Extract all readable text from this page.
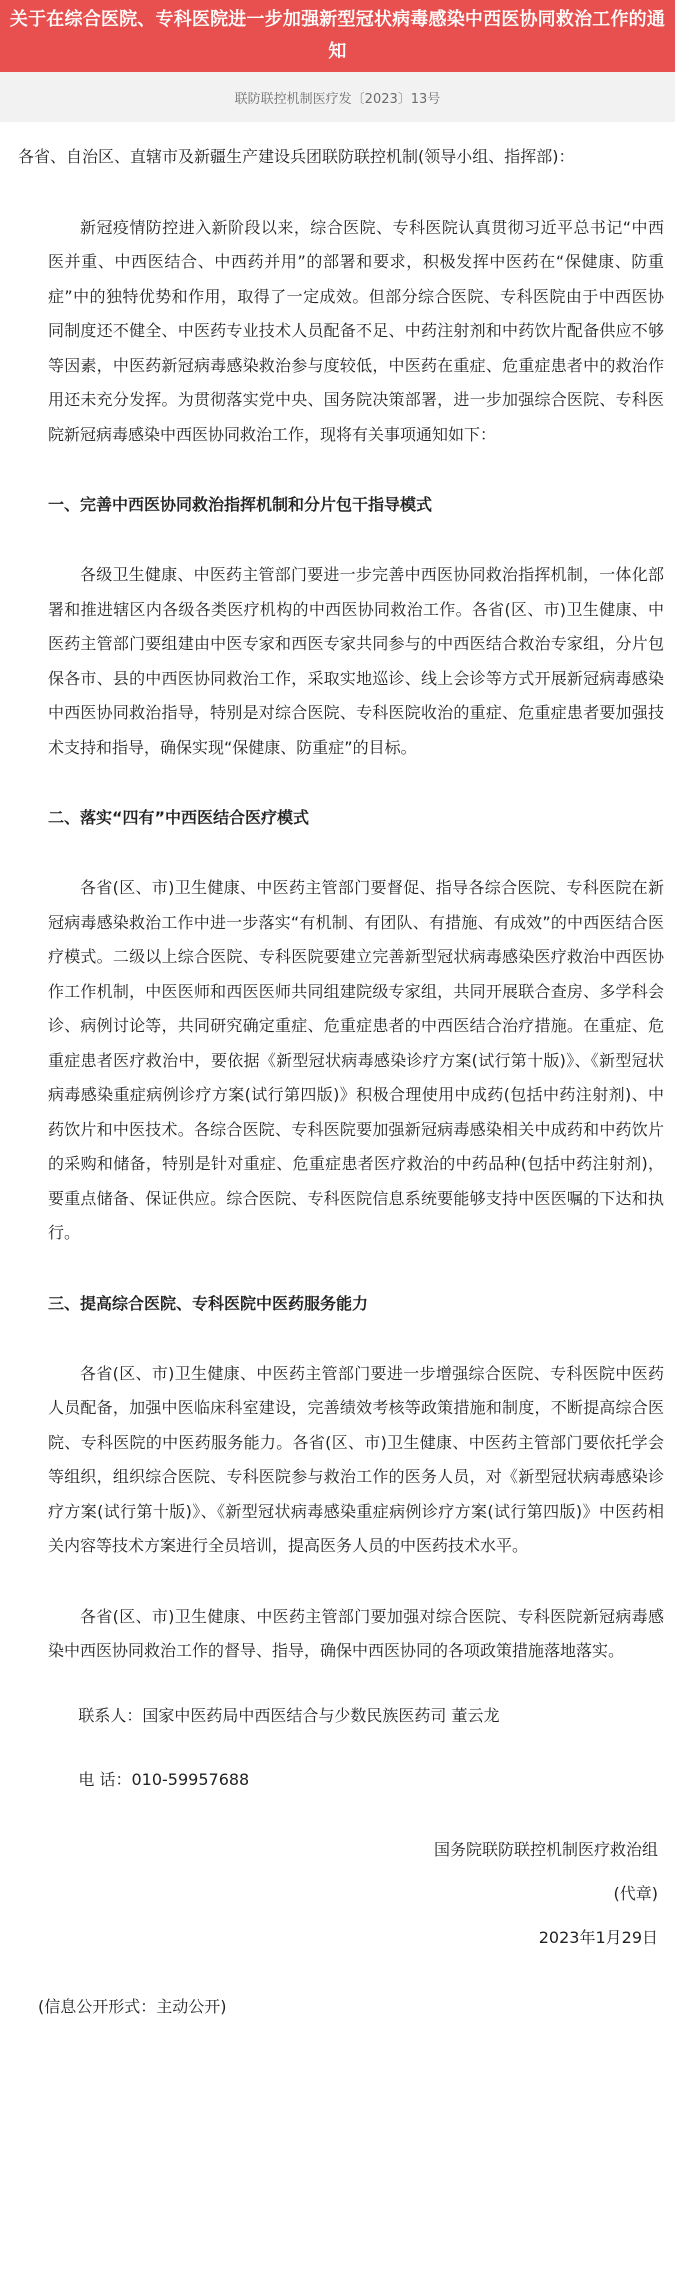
关于在综合医院、专科医院进一步加强新型冠状病毒感染中西医协同救治工作的通知
联防联控机制医疗发〔2023〕13号

各省、自治区、直辖市及新疆生产建设兵团联防联控机制(领导小组、指挥部)：

新冠疫情防控进入新阶段以来，综合医院、专科医院认真贯彻习近平总书记“中西医并重、中西医结合、中西药并用”的部署和要求，积极发挥中医药在“保健康、防重症”中的独特优势和作用，取得了一定成效。但部分综合医院、专科医院由于中西医协同制度还不健全、中医药专业技术人员配备不足、中药注射剂和中药饮片配备供应不够等因素，中医药新冠病毒感染救治参与度较低，中医药在重症、危重症患者中的救治作用还未充分发挥。为贯彻落实党中央、国务院决策部署，进一步加强综合医院、专科医院新冠病毒感染中西医协同救治工作，现将有关事项通知如下：

一、完善中西医协同救治指挥机制和分片包干指导模式

各级卫生健康、中医药主管部门要进一步完善中西医协同救治指挥机制，一体化部署和推进辖区内各级各类医疗机构的中西医协同救治工作。各省(区、市)卫生健康、中医药主管部门要组建由中医专家和西医专家共同参与的中西医结合救治专家组，分片包保各市、县的中西医协同救治工作，采取实地巡诊、线上会诊等方式开展新冠病毒感染中西医协同救治指导，特别是对综合医院、专科医院收治的重症、危重症患者要加强技术支持和指导，确保实现“保健康、防重症”的目标。

二、落实“四有”中西医结合医疗模式

各省(区、市)卫生健康、中医药主管部门要督促、指导各综合医院、专科医院在新冠病毒感染救治工作中进一步落实“有机制、有团队、有措施、有成效”的中西医结合医疗模式。二级以上综合医院、专科医院要建立完善新型冠状病毒感染医疗救治中西医协作工作机制，中医医师和西医医师共同组建院级专家组，共同开展联合查房、多学科会诊、病例讨论等，共同研究确定重症、危重症患者的中西医结合治疗措施。在重症、危重症患者医疗救治中，要依据《新型冠状病毒感染诊疗方案(试行第十版)》、《新型冠状病毒感染重症病例诊疗方案(试行第四版)》积极合理使用中成药(包括中药注射剂)、中药饮片和中医技术。各综合医院、专科医院要加强新冠病毒感染相关中成药和中药饮片的采购和储备，特别是针对重症、危重症患者医疗救治的中药品种(包括中药注射剂)，要重点储备、保证供应。综合医院、专科医院信息系统要能够支持中医医嘱的下达和执行。

三、提高综合医院、专科医院中医药服务能力

各省(区、市)卫生健康、中医药主管部门要进一步增强综合医院、专科医院中医药人员配备，加强中医临床科室建设，完善绩效考核等政策措施和制度，不断提高综合医院、专科医院的中医药服务能力。各省(区、市)卫生健康、中医药主管部门要依托学会等组织，组织综合医院、专科医院参与救治工作的医务人员，对《新型冠状病毒感染诊疗方案(试行第十版)》、《新型冠状病毒感染重症病例诊疗方案(试行第四版)》中医药相关内容等技术方案进行全员培训，提高医务人员的中医药技术水平。

各省(区、市)卫生健康、中医药主管部门要加强对综合医院、专科医院新冠病毒感染中西医协同救治工作的督导、指导，确保中西医协同的各项政策措施落地落实。

联系人：国家中医药局中西医结合与少数民族医药司 董云龙

电 话：010-59957688

国务院联防联控机制医疗救治组
(代章)
2023年1月29日
(信息公开形式：主动公开)
